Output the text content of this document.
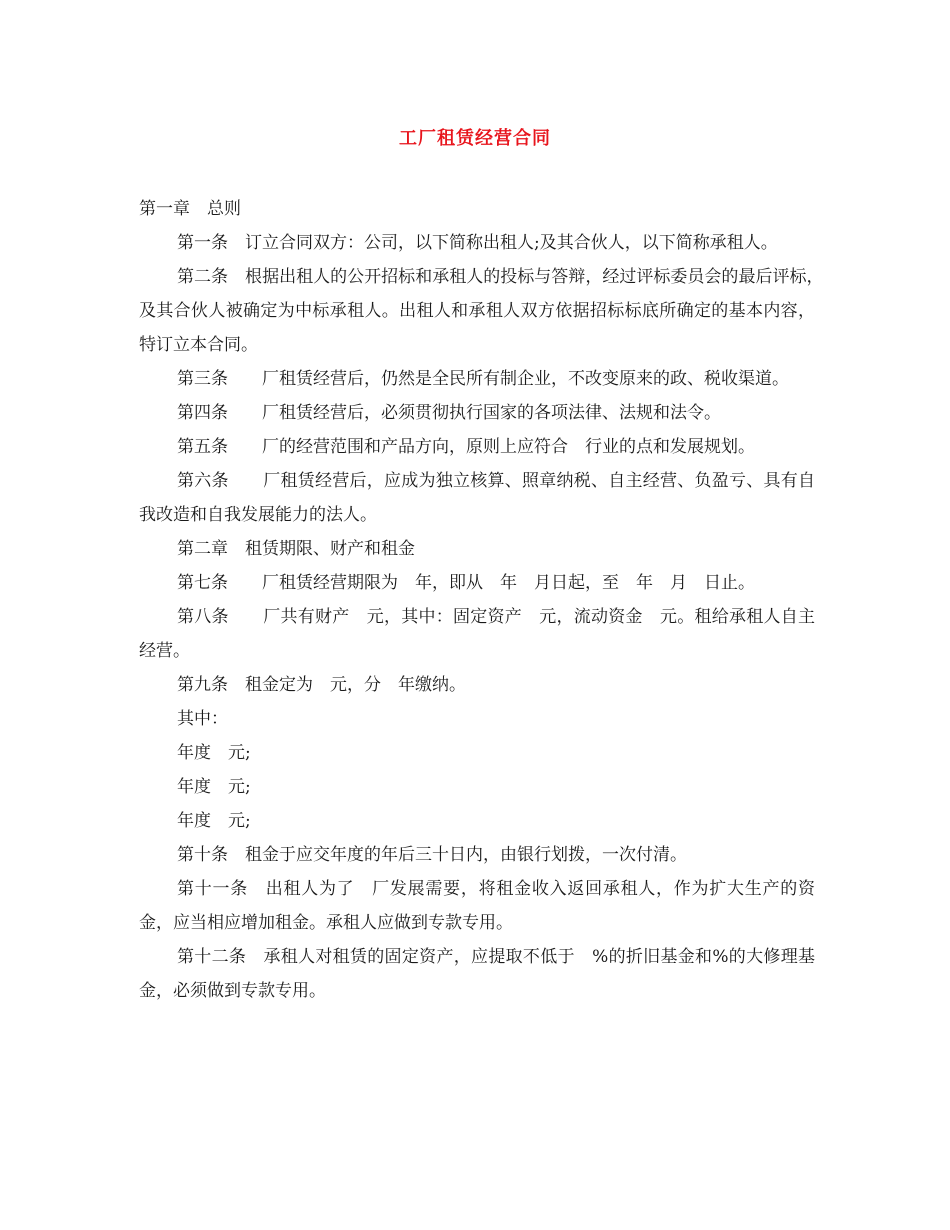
工厂租赁经营合同

第一章　总则

第一条　订立合同双方：公司，以下简称出租人;及其合伙人，以下简称承租人。

第二条　根据出租人的公开招标和承租人的投标与答辩，经过评标委员会的最后评标，　及其合伙人被确定为中标承租人。出租人和承租人双方依据招标标底所确定的基本内容，特订立本合同。

第三条　　厂租赁经营后，仍然是全民所有制企业，不改变原来的政、税收渠道。

第四条　　厂租赁经营后，必须贯彻执行国家的各项法律、法规和法令。

第五条　　厂的经营范围和产品方向，原则上应符合　行业的点和发展规划。

第六条　　厂租赁经营后，应成为独立核算、照章纳税、自主经营、负盈亏、具有自我改造和自我发展能力的法人。

第二章　租赁期限、财产和租金

第七条　　厂租赁经营期限为　年，即从　年　月日起，至　年　月　日止。

第八条　　厂共有财产　元，其中：固定资产　元，流动资金　元。租给承租人自主经营。

第九条　租金定为　元，分　年缴纳。

其中：

年度　元;

年度　元;

年度　元;

第十条　租金于应交年度的年后三十日内，由银行划拨，一次付清。

第十一条　出租人为了　厂发展需要，将租金收入返回承租人，作为扩大生产的资金，应当相应增加租金。承租人应做到专款专用。

第十二条　承租人对租赁的固定资产，应提取不低于　%的折旧基金和%的大修理基金，必须做到专款专用。
